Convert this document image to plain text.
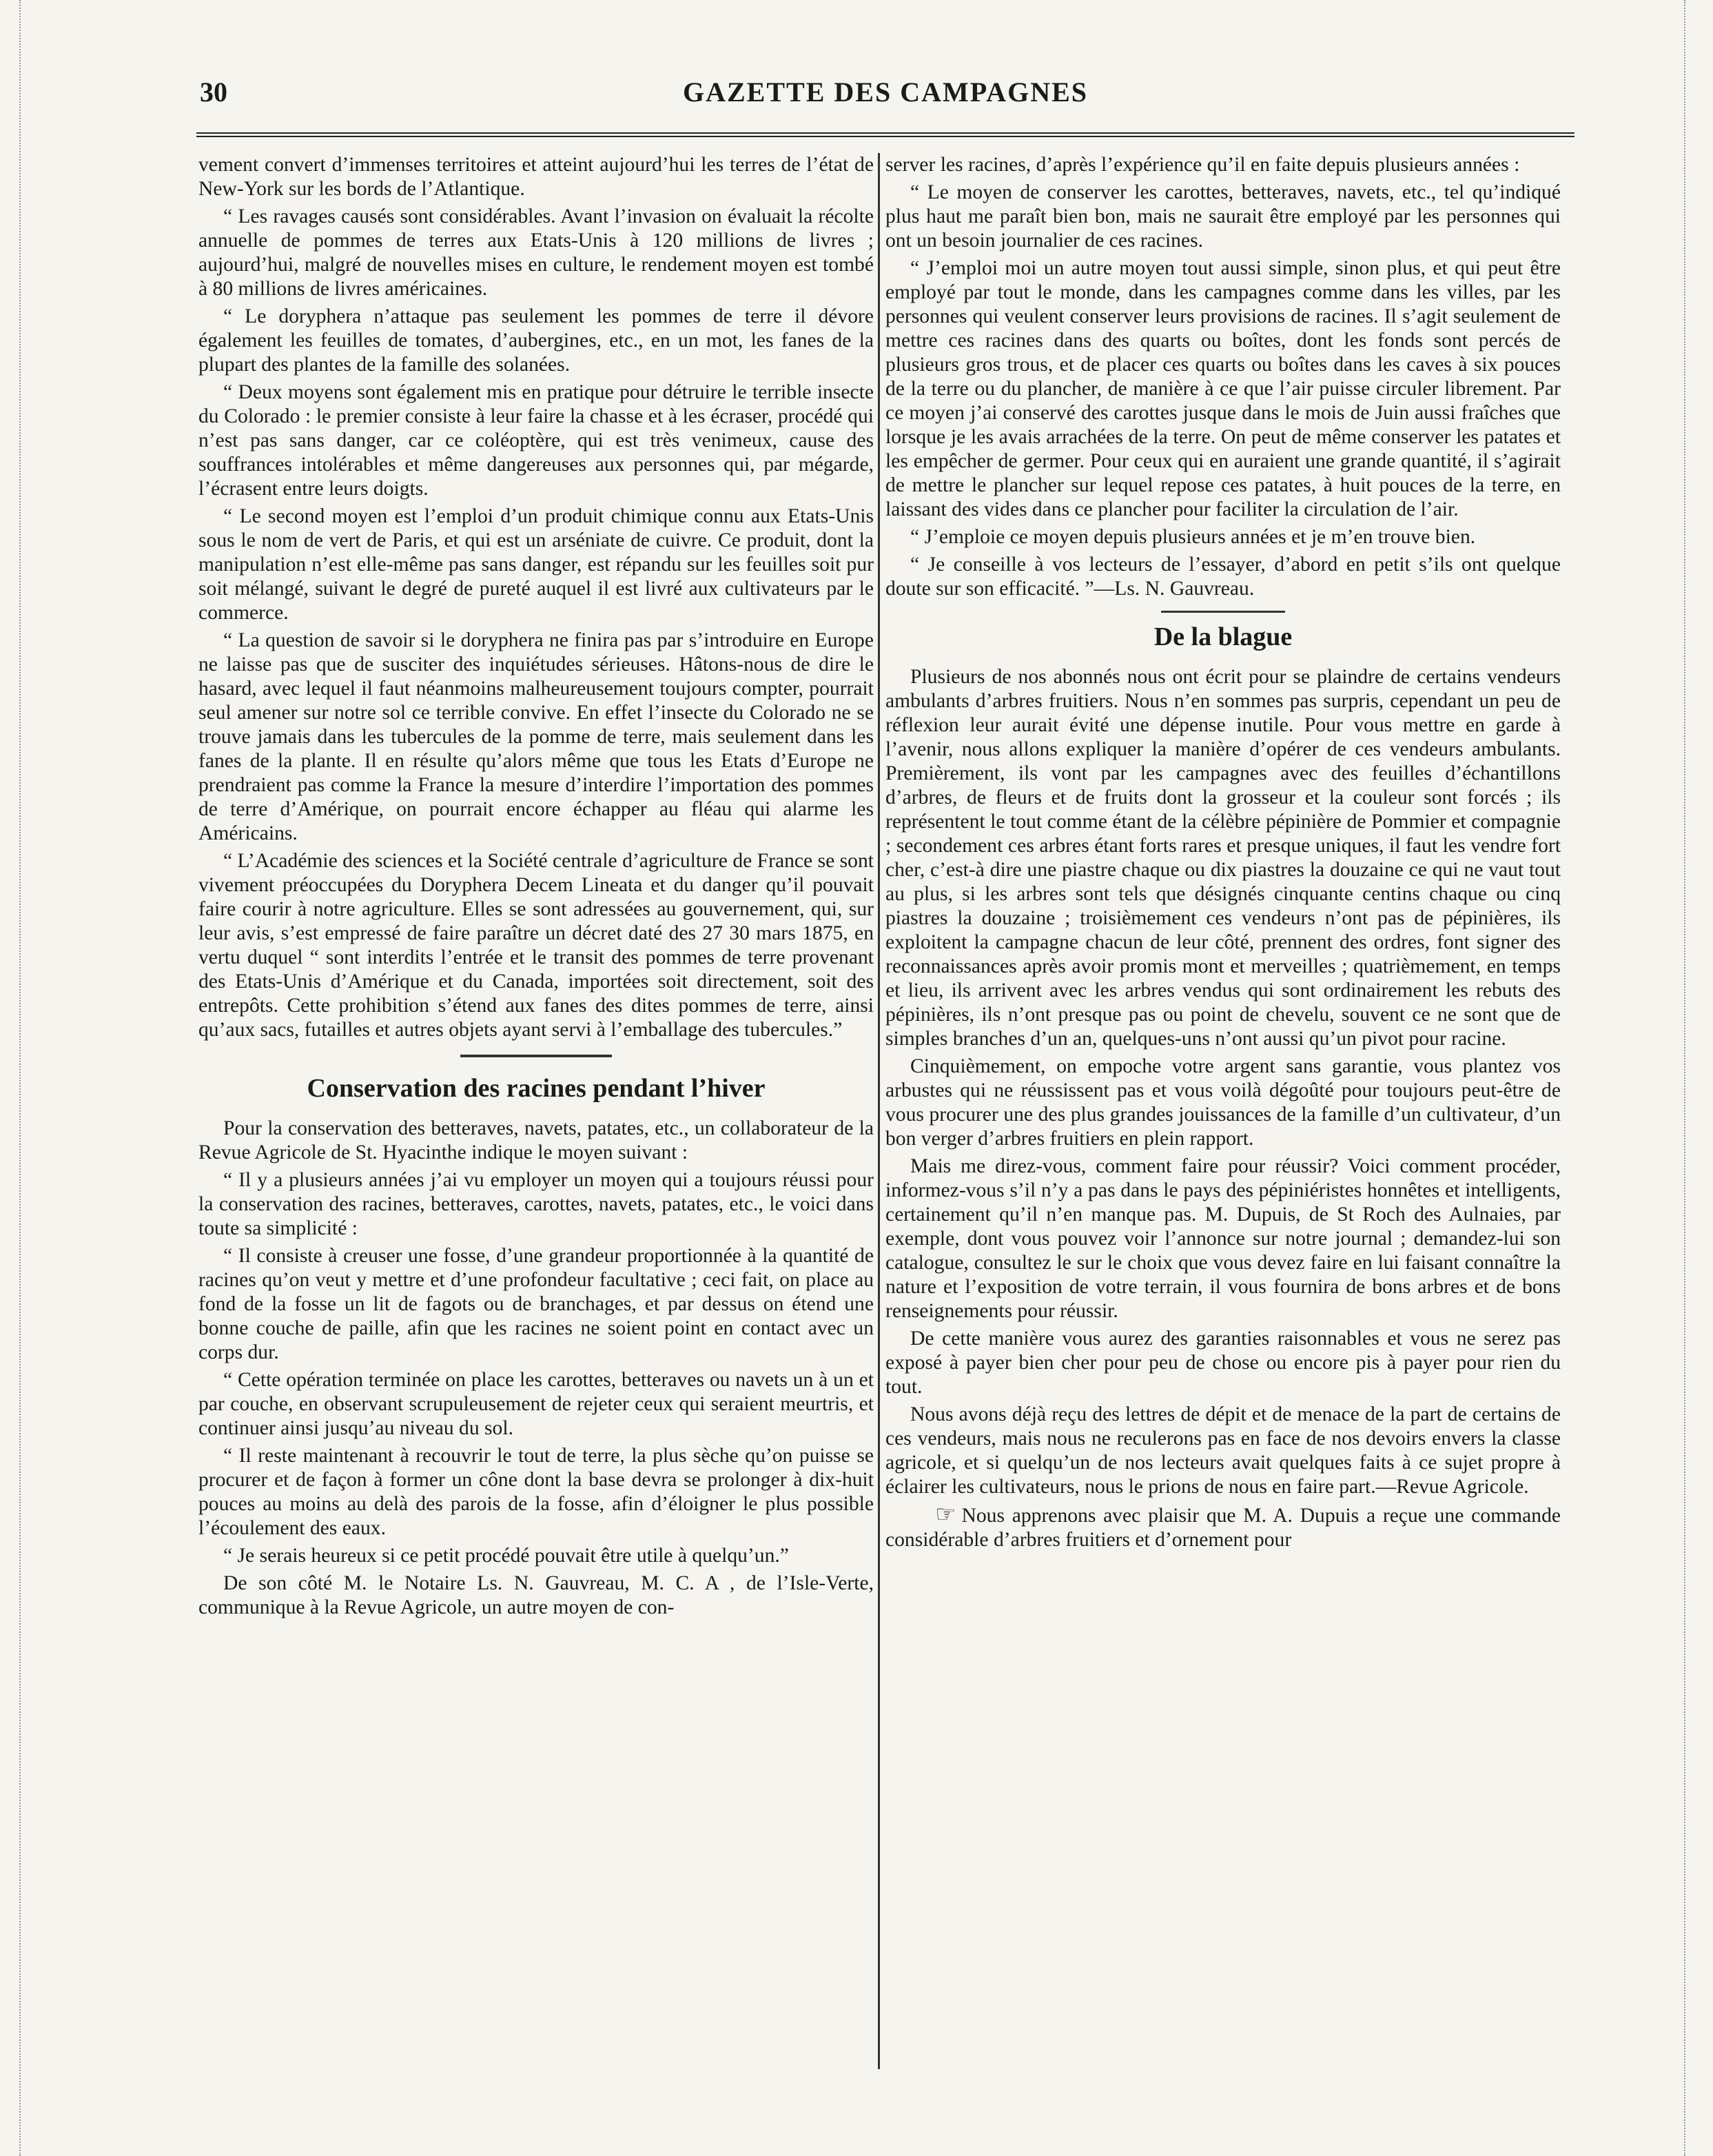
30	GAZETTE DES CAMPAGNES

vement convert d’immenses territoires et atteint aujourd’hui les terres de l’état de New-York sur les bords de l’Atlantique.

“ Les ravages causés sont considérables. Avant l’invasion on évaluait la récolte annuelle de pommes de terres aux Etats-Unis à 120 millions de livres ; aujourd’hui, malgré de nouvelles mises en culture, le rendement moyen est tombé à 80 millions de livres américaines.

“ Le doryphera n’attaque pas seulement les pommes de terre il dévore également les feuilles de tomates, d’aubergines, etc., en un mot, les fanes de la plupart des plantes de la famille des solanées.

“ Deux moyens sont également mis en pratique pour détruire le terrible insecte du Colorado : le premier consiste à leur faire la chasse et à les écraser, procédé qui n’est pas sans danger, car ce coléoptère, qui est très venimeux, cause des souffrances intolérables et même dangereuses aux personnes qui, par mégarde, l’écrasent entre leurs doigts.

“ Le second moyen est l’emploi d’un produit chimique connu aux Etats-Unis sous le nom de vert de Paris, et qui est un arséniate de cuivre. Ce produit, dont la manipulation n’est elle-même pas sans danger, est répandu sur les feuilles soit pur soit mélangé, suivant le degré de pureté auquel il est livré aux cultivateurs par le commerce.

“ La question de savoir si le doryphera ne finira pas par s’introduire en Europe ne laisse pas que de susciter des inquiétudes sérieuses. Hâtons-nous de dire le hasard, avec lequel il faut néanmoins malheureusement toujours compter, pourrait seul amener sur notre sol ce terrible convive. En effet l’insecte du Colorado ne se trouve jamais dans les tubercules de la pomme de terre, mais seulement dans les fanes de la plante. Il en résulte qu’alors même que tous les Etats d’Europe ne prendraient pas comme la France la mesure d’interdire l’importation des pommes de terre d’Amérique, on pourrait encore échapper au fléau qui alarme les Américains.

“ L’Académie des sciences et la Société centrale d’agriculture de France se sont vivement préoccupées du Doryphera Decem Lineata et du danger qu’il pouvait faire courir à notre agriculture. Elles se sont adressées au gouvernement, qui, sur leur avis, s’est empressé de faire paraître un décret daté des 27 30 mars 1875, en vertu duquel “ sont interdits l’entrée et le transit des pommes de terre provenant des Etats-Unis d’Amérique et du Canada, importées soit directement, soit des entrepôts. Cette prohibition s’étend aux fanes des dites pommes de terre, ainsi qu’aux sacs, futailles et autres objets ayant servi à l’emballage des tubercules.”

Conservation des racines pendant l’hiver

Pour la conservation des betteraves, navets, patates, etc., un collaborateur de la Revue Agricole de St. Hyacinthe indique le moyen suivant :

“ Il y a plusieurs années j’ai vu employer un moyen qui a toujours réussi pour la conservation des racines, betteraves, carottes, navets, patates, etc., le voici dans toute sa simplicité :

“ Il consiste à creuser une fosse, d’une grandeur proportionnée à la quantité de racines qu’on veut y mettre et d’une profondeur facultative ; ceci fait, on place au fond de la fosse un lit de fagots ou de branchages, et par dessus on étend une bonne couche de paille, afin que les racines ne soient point en contact avec un corps dur.

“ Cette opération terminée on place les carottes, betteraves ou navets un à un et par couche, en observant scrupuleusement de rejeter ceux qui seraient meurtris, et continuer ainsi jusqu’au niveau du sol.

“ Il reste maintenant à recouvrir le tout de terre, la plus sèche qu’on puisse se procurer et de façon à former un cône dont la base devra se prolonger à dix-huit pouces au moins au delà des parois de la fosse, afin d’éloigner le plus possible l’écoulement des eaux.

“ Je serais heureux si ce petit procédé pouvait être utile à quelqu’un.”

De son côté M. le Notaire Ls. N. Gauvreau, M. C. A , de l’Isle-Verte, communique à la Revue Agricole, un autre moyen de con-

server les racines, d’après l’expérience qu’il en faite depuis plusieurs années :

“ Le moyen de conserver les carottes, betteraves, navets, etc., tel qu’indiqué plus haut me paraît bien bon, mais ne saurait être employé par les personnes qui ont un besoin journalier de ces racines.

“ J’emploi moi un autre moyen tout aussi simple, sinon plus, et qui peut être employé par tout le monde, dans les campagnes comme dans les villes, par les personnes qui veulent conserver leurs provisions de racines. Il s’agit seulement de mettre ces racines dans des quarts ou boîtes, dont les fonds sont percés de plusieurs gros trous, et de placer ces quarts ou boîtes dans les caves à six pouces de la terre ou du plancher, de manière à ce que l’air puisse circuler librement. Par ce moyen j’ai conservé des carottes jusque dans le mois de Juin aussi fraîches que lorsque je les avais arrachées de la terre. On peut de même conserver les patates et les empêcher de germer. Pour ceux qui en auraient une grande quantité, il s’agirait de mettre le plancher sur lequel repose ces patates, à huit pouces de la terre, en laissant des vides dans ce plancher pour faciliter la circulation de l’air.

“ J’emploie ce moyen depuis plusieurs années et je m’en trouve bien.

“ Je conseille à vos lecteurs de l’essayer, d’abord en petit s’ils ont quelque doute sur son efficacité. ”—Ls. N. Gauvreau.

De la blague

Plusieurs de nos abonnés nous ont écrit pour se plaindre de certains vendeurs ambulants d’arbres fruitiers. Nous n’en sommes pas surpris, cependant un peu de réflexion leur aurait évité une dépense inutile. Pour vous mettre en garde à l’avenir, nous allons expliquer la manière d’opérer de ces vendeurs ambulants. Premièrement, ils vont par les campagnes avec des feuilles d’échantillons d’arbres, de fleurs et de fruits dont la grosseur et la couleur sont forcés ; ils représentent le tout comme étant de la célèbre pépinière de Pommier et compagnie ; secondement ces arbres étant forts rares et presque uniques, il faut les vendre fort cher, c’est-à dire une piastre chaque ou dix piastres la douzaine ce qui ne vaut tout au plus, si les arbres sont tels que désignés cinquante centins chaque ou cinq piastres la douzaine ; troisièmement ces vendeurs n’ont pas de pépinières, ils exploitent la campagne chacun de leur côté, prennent des ordres, font signer des reconnaissances après avoir promis mont et merveilles ; quatrièmement, en temps et lieu, ils arrivent avec les arbres vendus qui sont ordinairement les rebuts des pépinières, ils n’ont presque pas ou point de chevelu, souvent ce ne sont que de simples branches d’un an, quelques-uns n’ont aussi qu’un pivot pour racine.

Cinquièmement, on empoche votre argent sans garantie, vous plantez vos arbustes qui ne réussissent pas et vous voilà dégoûté pour toujours peut-être de vous procurer une des plus grandes jouissances de la famille d’un cultivateur, d’un bon verger d’arbres fruitiers en plein rapport.

Mais me direz-vous, comment faire pour réussir? Voici comment procéder, informez-vous s’il n’y a pas dans le pays des pépiniéristes honnêtes et intelligents, certainement qu’il n’en manque pas. M. Dupuis, de St Roch des Aulnaies, par exemple, dont vous pouvez voir l’annonce sur notre journal ; demandez-lui son catalogue, consultez le sur le choix que vous devez faire en lui faisant connaître la nature et l’exposition de votre terrain, il vous fournira de bons arbres et de bons renseignements pour réussir.

De cette manière vous aurez des garanties raisonnables et vous ne serez pas exposé à payer bien cher pour peu de chose ou encore pis à payer pour rien du tout.

Nous avons déjà reçu des lettres de dépit et de menace de la part de certains de ces vendeurs, mais nous ne reculerons pas en face de nos devoirs envers la classe agricole, et si quelqu’un de nos lecteurs avait quelques faits à ce sujet propre à éclairer les cultivateurs, nous le prions de nous en faire part.—Revue Agricole.

☞ Nous apprenons avec plaisir que M. A. Dupuis a reçue une commande considérable d’arbres fruitiers et d’ornement pour
